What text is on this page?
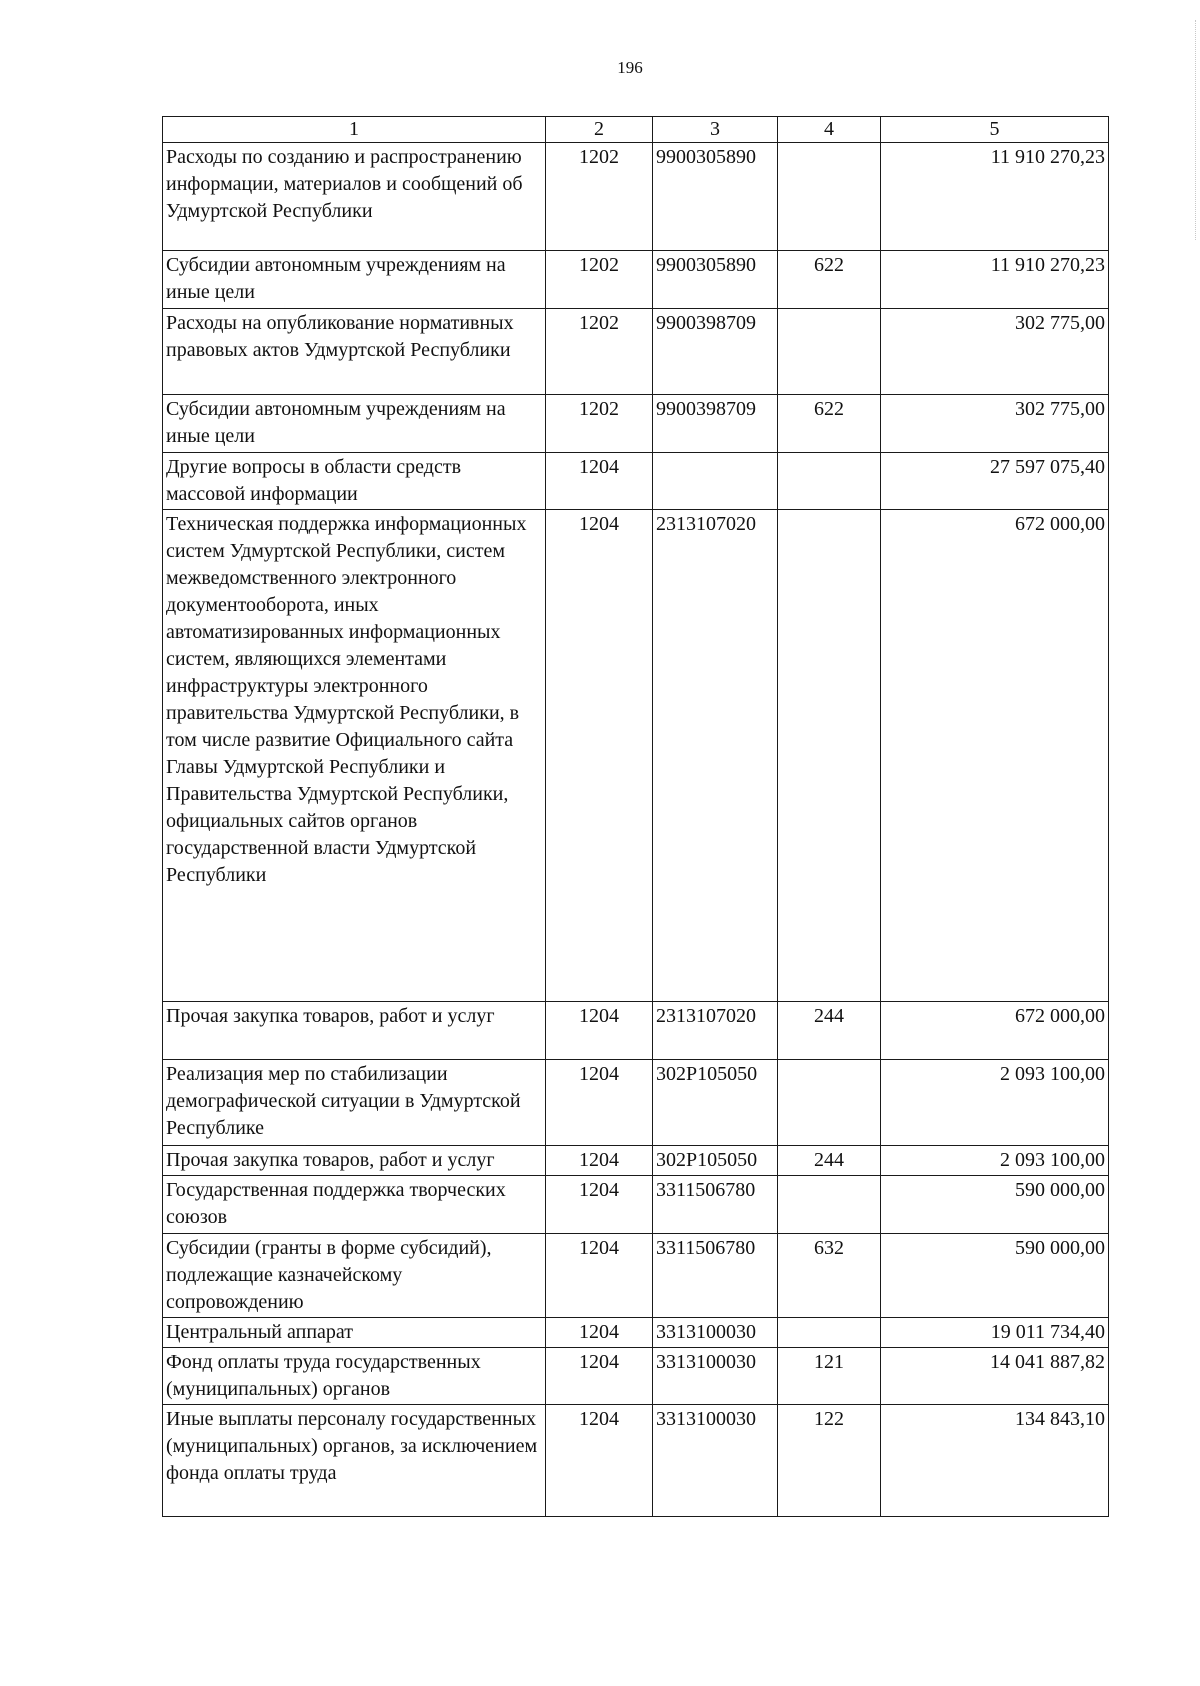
196
1	2	3	4	5
Расходы по созданию и распространению информации, материалов и сообщений об Удмуртской Республики	1202	9900305890		11 910 270,23
Субсидии автономным учреждениям на иные цели	1202	9900305890	622	11 910 270,23
Расходы на опубликование нормативных правовых актов Удмуртской Республики	1202	9900398709		302 775,00
Субсидии автономным учреждениям на иные цели	1202	9900398709	622	302 775,00
Другие вопросы в области средств массовой информации	1204			27 597 075,40
Техническая поддержка информационных систем Удмуртской Республики, систем межведомственного электронного документооборота, иных автоматизированных информационных систем, являющихся элементами инфраструктуры электронного правительства Удмуртской Республики, в том числе развитие Официального сайта Главы Удмуртской Республики и Правительства Удмуртской Республики, официальных сайтов органов государственной власти Удмуртской Республики	1204	2313107020		672 000,00
Прочая закупка товаров, работ и услуг	1204	2313107020	244	672 000,00
Реализация мер по стабилизации демографической ситуации в Удмуртской Республике	1204	302Р105050		2 093 100,00
Прочая закупка товаров, работ и услуг	1204	302Р105050	244	2 093 100,00
Государственная поддержка творческих союзов	1204	3311506780		590 000,00
Субсидии (гранты в форме субсидий), подлежащие казначейскому сопровождению	1204	3311506780	632	590 000,00
Центральный аппарат	1204	3313100030		19 011 734,40
Фонд оплаты труда государственных (муниципальных) органов	1204	3313100030	121	14 041 887,82
Иные выплаты персоналу государственных (муниципальных) органов, за исключением фонда оплаты труда	1204	3313100030	122	134 843,10
